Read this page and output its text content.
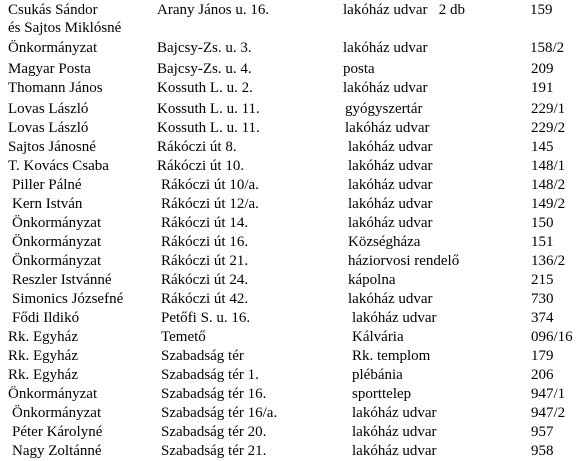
Csukás Sándor	Arany János u. 16.	lakóház udvar   2 db	159
és Sajtos Miklósné
Önkormányzat	Bajcsy-Zs. u. 3.	lakóház udvar	158/2
Magyar Posta	Bajcsy-Zs. u. 4.	posta	209
Thomann János	Kossuth L. u. 2.	lakóház udvar	191
Lovas László	Kossuth L. u. 11.	gyógyszertár	229/1
Lovas László	Kossuth L. u. 11.	lakóház udvar	229/2
Sajtos Jánosné	Rákóczi út 8.	lakóház udvar	145
T. Kovács Csaba	Rákóczi út 10.	lakóház udvar	148/1
Piller Pálné	Rákóczi út 10/a.	lakóház udvar	148/2
Kern István	Rákóczi út 12/a.	lakóház udvar	149/2
Önkormányzat	Rákóczi út 14.	lakóház udvar	150
Önkormányzat	Rákóczi út 16.	Községháza	151
Önkormányzat	Rákóczi út 21.	háziorvosi rendelő	136/2
Reszler Istvánné	Rákóczi út 24.	kápolna	215
Simonics Józsefné	Rákóczi út 42.	lakóház udvar	730
Fődi Ildikó	Petőfi S. u. 16.	lakóház udvar	374
Rk. Egyház	Temető	Kálvária	096/16
Rk. Egyház	Szabadság tér	Rk. templom	179
Rk. Egyház	Szabadság tér 1.	plébánia	206
Önkormányzat	Szabadság tér 16.	sporttelep	947/1
Önkormányzat	Szabadság tér 16/a.	lakóház udvar	947/2
Péter Károlyné	Szabadság tér 20.	lakóház udvar	957
Nagy Zoltánné	Szabadság tér 21.	lakóház udvar	958
